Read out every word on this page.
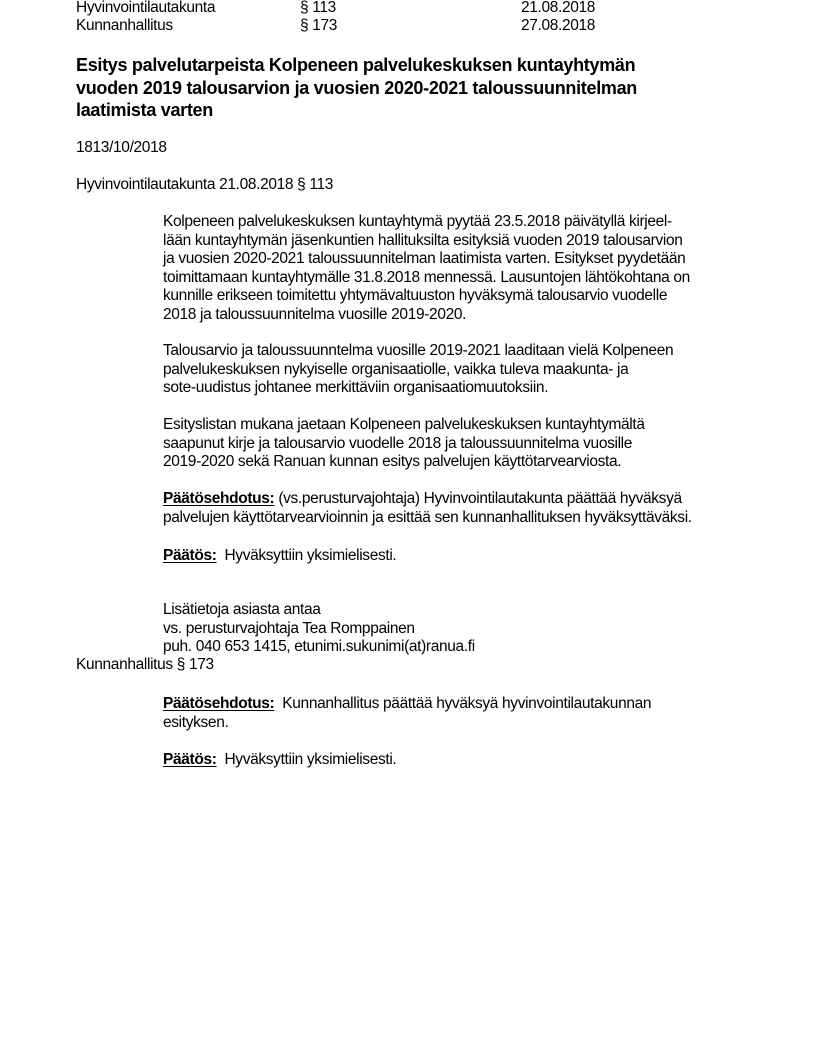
Hyvinvointilautakunta	§ 113	21.08.2018
Kunnanhallitus	§ 173	27.08.2018
Esitys palvelutarpeista Kolpeneen palvelukeskuksen kuntayhtymän
vuoden 2019 talousarvion ja vuosien 2020-2021 taloussuunnitelman
laatimista varten
1813/10/2018
Hyvinvointilautakunta 21.08.2018 § 113
Kolpeneen palvelukeskuksen kuntayhtymä pyytää 23.5.2018 päivätyllä kirjeel-
lään kuntayhtymän jäsenkuntien hallituksilta esityksiä vuoden 2019 talousarvion
ja vuosien 2020-2021 taloussuunnitelman laatimista varten. Esitykset pyydetään
toimittamaan kuntayhtymälle 31.8.2018 mennessä. Lausuntojen lähtökohtana on
kunnille erikseen toimitettu yhtymävaltuuston hyväksymä talousarvio vuodelle
2018 ja taloussuunnitelma vuosille 2019-2020.
Talousarvio ja taloussuunntelma vuosille 2019-2021 laaditaan vielä Kolpeneen
palvelukeskuksen nykyiselle organisaatiolle, vaikka tuleva maakunta- ja
sote-uudistus johtanee merkittäviin organisaatiomuutoksiin.
Esityslistan mukana jaetaan Kolpeneen palvelukeskuksen kuntayhtymältä
saapunut kirje ja talousarvio vuodelle 2018 ja taloussuunnitelma vuosille
2019-2020 sekä Ranuan kunnan esitys palvelujen käyttötarvearviosta.
Päätösehdotus: (vs.perusturvajohtaja) Hyvinvointilautakunta päättää hyväksyä
palvelujen käyttötarvearvioinnin ja esittää sen kunnanhallituksen hyväksyttäväksi.
Päätös:  Hyväksyttiin yksimielisesti.
Lisätietoja asiasta antaa
vs. perusturvajohtaja Tea Romppainen
puh. 040 653 1415, etunimi.sukunimi(at)ranua.fi
Kunnanhallitus § 173
Päätösehdotus:  Kunnanhallitus päättää hyväksyä hyvinvointilautakunnan
esityksen.
Päätös:  Hyväksyttiin yksimielisesti.
